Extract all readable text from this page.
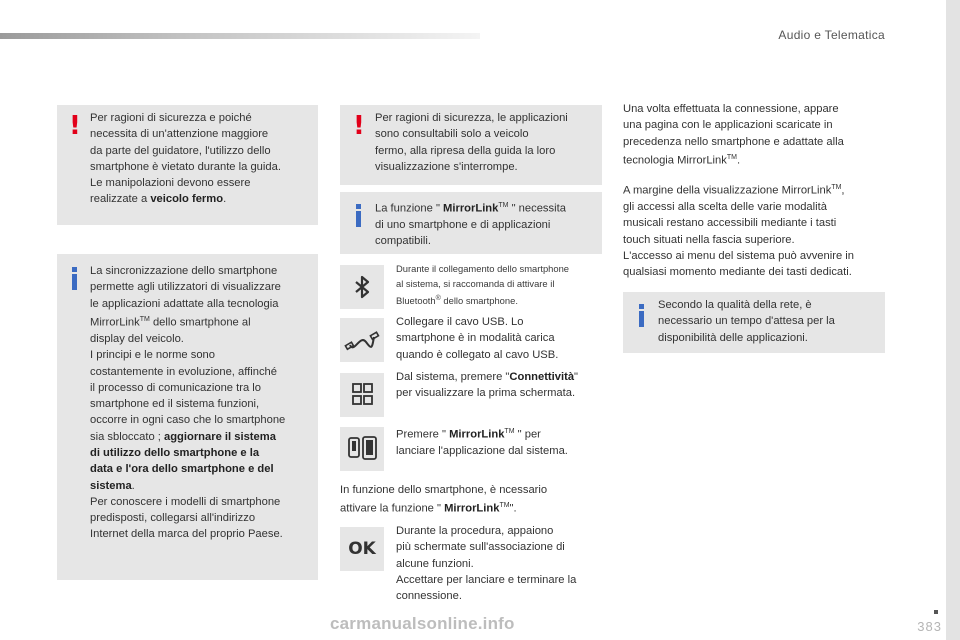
Audio e Telematica
! Per ragioni di sicurezza e poiché
necessita di un'attenzione maggiore
da parte del guidatore, l'utilizzo dello
smartphone è vietato durante la guida.
Le manipolazioni devono essere
realizzate a veicolo fermo.
La sincronizzazione dello smartphone
permette agli utilizzatori di visualizzare
le applicazioni adattate alla tecnologia
MirrorLink™ dello smartphone al
display del veicolo.
I principi e le norme sono
costantemente in evoluzione, affinché
il processo di comunicazione tra lo
smartphone ed il sistema funzioni,
occorre in ogni caso che lo smartphone
sia sbloccato ; aggiornare il sistema
di utilizzo dello smartphone e la
data e l'ora dello smartphone e del
sistema.
Per conoscere i modelli di smartphone
predisposti, collegarsi all'indirizzo
Internet della marca del proprio Paese.
! Per ragioni di sicurezza, le applicazioni
sono consultabili solo a veicolo
fermo, alla ripresa della guida la loro
visualizzazione s'interrompe.
La funzione " MirrorLink™ " necessita
di uno smartphone e di applicazioni
compatibili.
Durante il collegamento dello smartphone
al sistema, si raccomanda di attivare il
Bluetooth® dello smartphone.
Collegare il cavo USB. Lo
smartphone è in modalità carica
quando è collegato al cavo USB.
Dal sistema, premere "Connettività"
per visualizzare la prima schermata.
Premere " MirrorLink™ " per
lanciare l'applicazione dal sistema.
In funzione dello smartphone, è ncessario
attivare la funzione " MirrorLink™".
OK
Durante la procedura, appaiono
più schermate sull'associazione di
alcune funzioni.
Accettare per lanciare e terminare la
connessione.
Una volta effettuata la connessione, appare
una pagina con le applicazioni scaricate in
precedenza nello smartphone e adattate alla
tecnologia MirrorLink™.
A margine della visualizzazione MirrorLink™,
gli accessi alla scelta delle varie modalità
musicali restano accessibili mediante i tasti
touch situati nella fascia superiore.
L'accesso ai menu del sistema può avvenire in
qualsiasi momento mediante dei tasti dedicati.
Secondo la qualità della rete, è
necessario un tempo d'attesa per la
disponibilità delle applicazioni.
383
carmanualsonline.info
